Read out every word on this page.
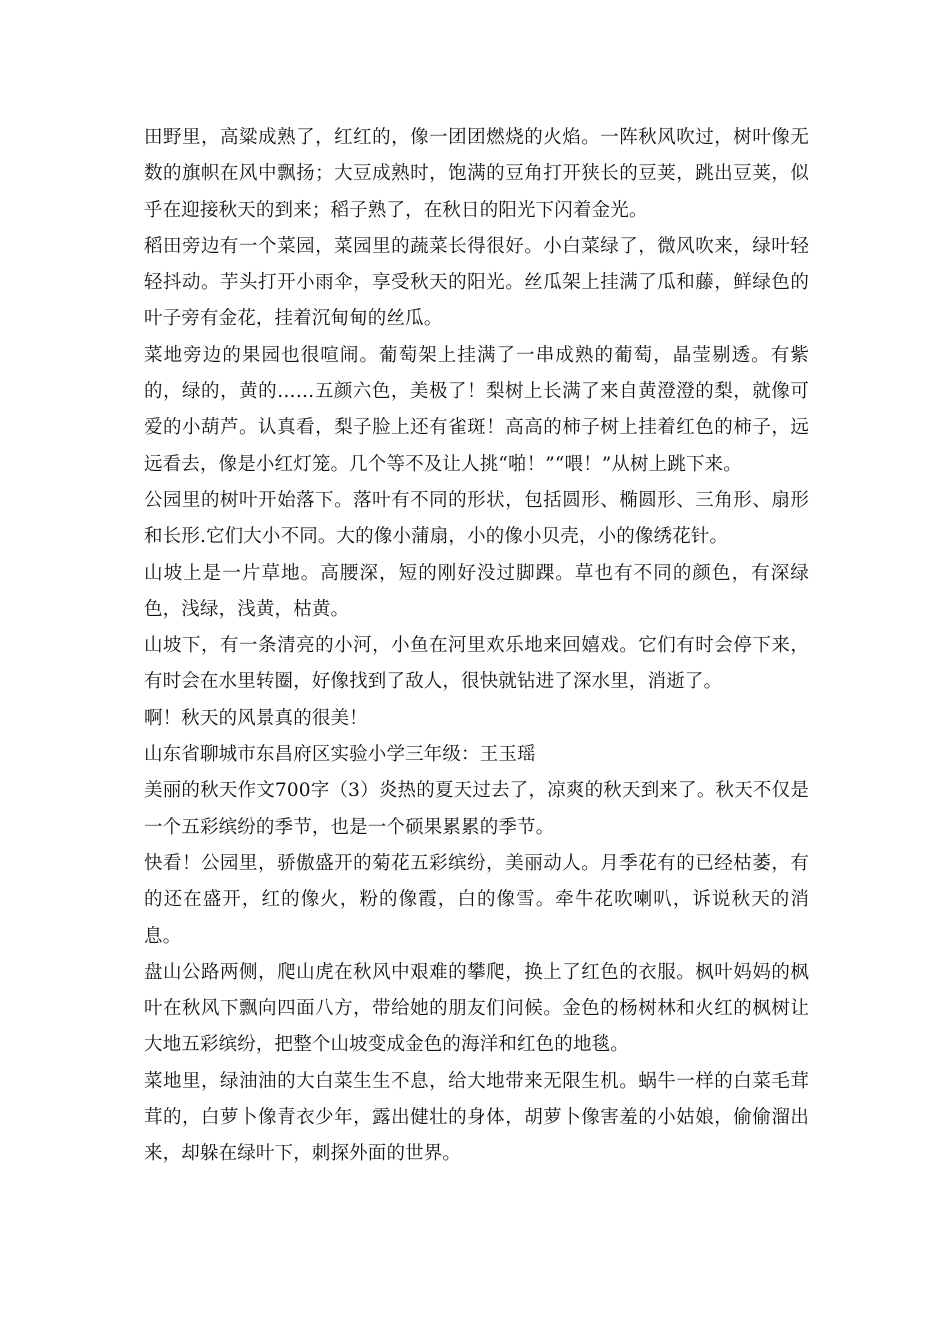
田野里，高粱成熟了，红红的，像一团团燃烧的火焰。一阵秋风吹过，树叶像无数的旗帜在风中飘扬；大豆成熟时，饱满的豆角打开狭长的豆荚，跳出豆荚，似乎在迎接秋天的到来；稻子熟了，在秋日的阳光下闪着金光。

稻田旁边有一个菜园，菜园里的蔬菜长得很好。小白菜绿了，微风吹来，绿叶轻轻抖动。芋头打开小雨伞，享受秋天的阳光。丝瓜架上挂满了瓜和藤，鲜绿色的叶子旁有金花，挂着沉甸甸的丝瓜。

菜地旁边的果园也很喧闹。葡萄架上挂满了一串成熟的葡萄，晶莹剔透。有紫的，绿的，黄的……五颜六色，美极了！梨树上长满了来自黄澄澄的梨，就像可爱的小葫芦。认真看，梨子脸上还有雀斑！高高的柿子树上挂着红色的柿子，远远看去，像是小红灯笼。几个等不及让人挑“啪！”“喂！”从树上跳下来。

公园里的树叶开始落下。落叶有不同的形状，包括圆形、椭圆形、三角形、扇形和长形.它们大小不同。大的像小蒲扇，小的像小贝壳，小的像绣花针。

山坡上是一片草地。高腰深，短的刚好没过脚踝。草也有不同的颜色，有深绿色，浅绿，浅黄，枯黄。

山坡下，有一条清亮的小河，小鱼在河里欢乐地来回嬉戏。它们有时会停下来，有时会在水里转圈，好像找到了敌人，很快就钻进了深水里，消逝了。

啊！秋天的风景真的很美！

山东省聊城市东昌府区实验小学三年级：王玉瑶

美丽的秋天作文700字（3）炎热的夏天过去了，凉爽的秋天到来了。秋天不仅是一个五彩缤纷的季节，也是一个硕果累累的季节。

快看！公园里，骄傲盛开的菊花五彩缤纷，美丽动人。月季花有的已经枯萎，有的还在盛开，红的像火，粉的像霞，白的像雪。牵牛花吹喇叭，诉说秋天的消息。

盘山公路两侧，爬山虎在秋风中艰难的攀爬，换上了红色的衣服。枫叶妈妈的枫叶在秋风下飘向四面八方，带给她的朋友们问候。金色的杨树林和火红的枫树让大地五彩缤纷，把整个山坡变成金色的海洋和红色的地毯。

菜地里，绿油油的大白菜生生不息，给大地带来无限生机。蜗牛一样的白菜毛茸茸的，白萝卜像青衣少年，露出健壮的身体，胡萝卜像害羞的小姑娘，偷偷溜出来，却躲在绿叶下，刺探外面的世界。
